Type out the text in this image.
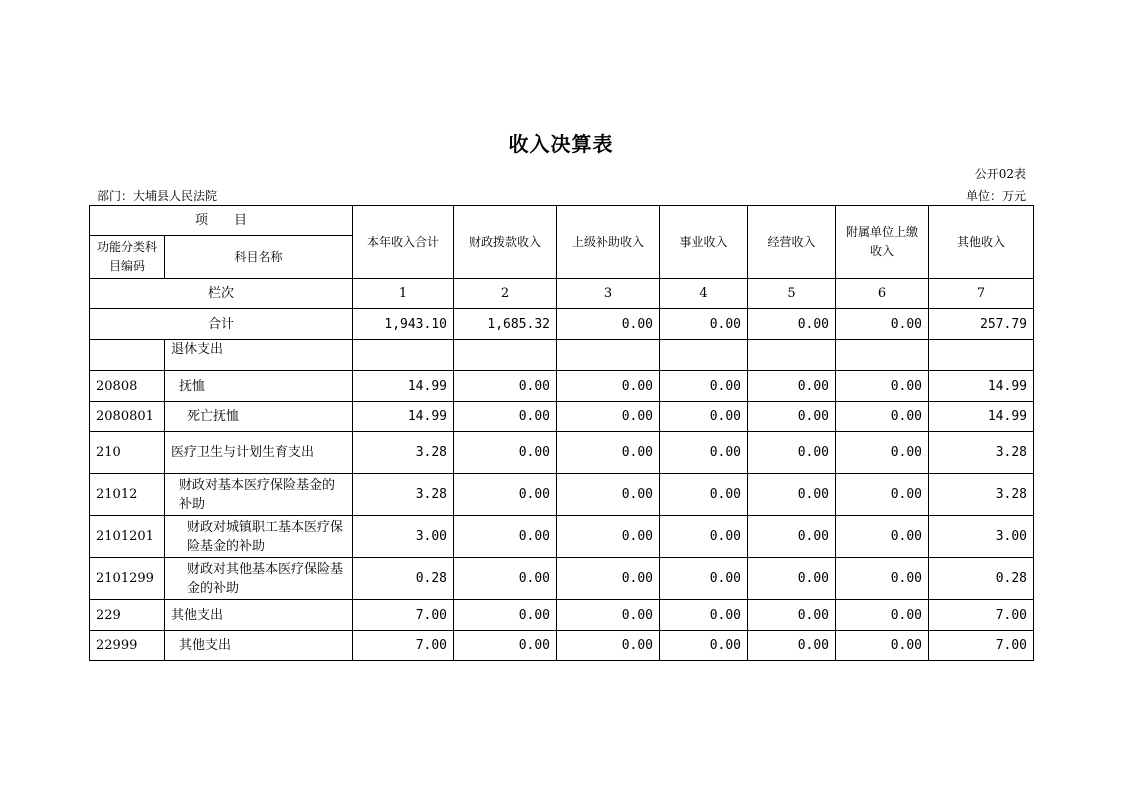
收入决算表
公开02表
部门：大埔县人民法院	单位：万元
项　　目		本年收入合计	财政拨款收入	上级补助收入	事业收入	经营收入	附属单位上缴收入	其他收入
功能分类科目编码	科目名称							
栏次		1	2	3	4	5	6	7
合计		1,943.10	1,685.32	0.00	0.00	0.00	0.00	257.79
	退休支出							
20808	抚恤	14.99	0.00	0.00	0.00	0.00	0.00	14.99
2080801	死亡抚恤	14.99	0.00	0.00	0.00	0.00	0.00	14.99
210	医疗卫生与计划生育支出	3.28	0.00	0.00	0.00	0.00	0.00	3.28
21012	财政对基本医疗保险基金的补助	3.28	0.00	0.00	0.00	0.00	0.00	3.28
2101201	财政对城镇职工基本医疗保险基金的补助	3.00	0.00	0.00	0.00	0.00	0.00	3.00
2101299	财政对其他基本医疗保险基金的补助	0.28	0.00	0.00	0.00	0.00	0.00	0.28
229	其他支出	7.00	0.00	0.00	0.00	0.00	0.00	7.00
22999	其他支出	7.00	0.00	0.00	0.00	0.00	0.00	7.00
